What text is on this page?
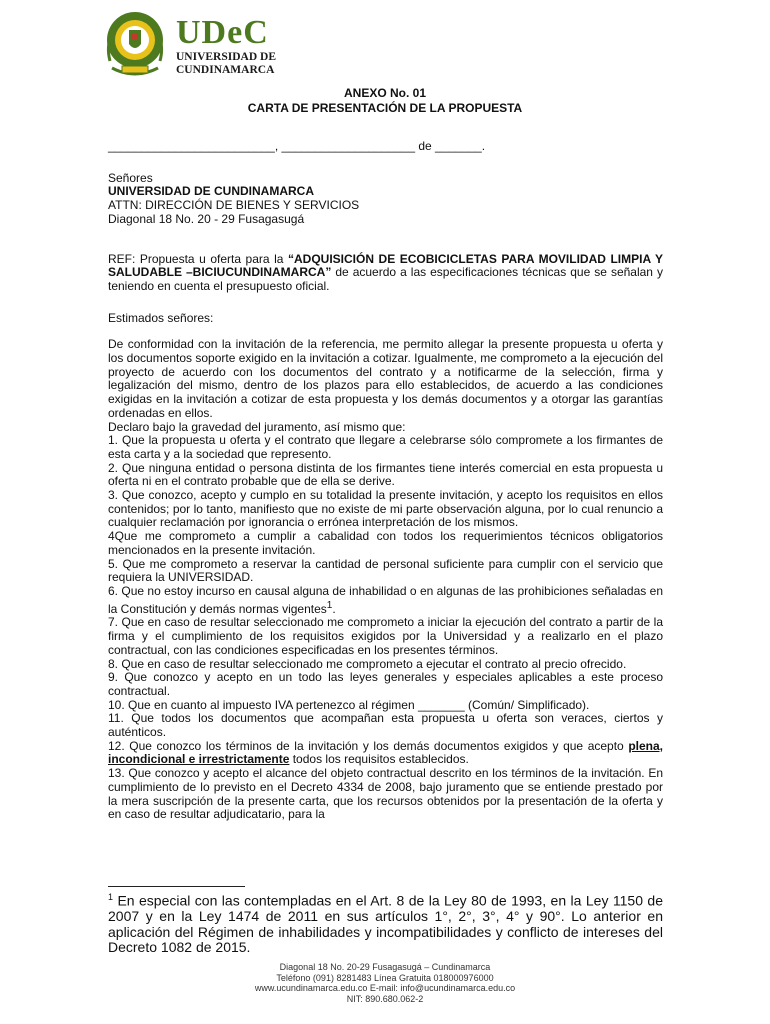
UDeC
UNIVERSIDAD DE
CUNDINAMARCA
ANEXO No. 01
CARTA DE PRESENTACIÓN DE LA PROPUESTA

_________________________, ____________________ de _______.

Señores

UNIVERSIDAD DE CUNDINAMARCA

ATTN: DIRECCIÓN DE BIENES Y SERVICIOS

Diagonal 18 No. 20 - 29 Fusagasugá

REF: Propuesta u oferta para la “ADQUISICIÓN DE ECOBICICLETAS PARA MOVILIDAD LIMPIA Y SALUDABLE –BICIUCUNDINAMARCA” de acuerdo a las especificaciones técnicas que se señalan y teniendo en cuenta el presupuesto oficial.

Estimados señores:

De conformidad con la invitación de la referencia, me permito allegar la presente propuesta u oferta y los documentos soporte exigido en la invitación a cotizar. Igualmente, me comprometo a la ejecución del proyecto de acuerdo con los documentos del contrato y a notificarme de la selección, firma y legalización del mismo, dentro de los plazos para ello establecidos, de acuerdo a las condiciones exigidas en la invitación a cotizar de esta propuesta y los demás documentos y a otorgar las garantías ordenadas en ellos.

Declaro bajo la gravedad del juramento, así mismo que:

1. Que la propuesta u oferta y el contrato que llegare a celebrarse sólo compromete a los firmantes de esta carta y a la sociedad que represento.

2. Que ninguna entidad o persona distinta de los firmantes tiene interés comercial en esta propuesta u oferta ni en el contrato probable que de ella se derive.

3. Que conozco, acepto y cumplo en su totalidad la presente invitación, y acepto los requisitos en ellos contenidos; por lo tanto, manifiesto que no existe de mi parte observación alguna, por lo cual renuncio a cualquier reclamación por ignorancia o errónea interpretación de los mismos.

4Que me comprometo a cumplir a cabalidad con todos los requerimientos técnicos obligatorios mencionados en la presente invitación.

5. Que me comprometo a reservar la cantidad de personal suficiente para cumplir con el servicio que requiera la UNIVERSIDAD.

6. Que no estoy incurso en causal alguna de inhabilidad o en algunas de las prohibiciones señaladas en la Constitución y demás normas vigentes$^1$.

7. Que en caso de resultar seleccionado me comprometo a iniciar la ejecución del contrato a partir de la firma y el cumplimiento de los requisitos exigidos por la Universidad y a realizarlo en el plazo contractual, con las condiciones especificadas en los presentes términos.

8. Que en caso de resultar seleccionado me comprometo a ejecutar el contrato al precio ofrecido.

9. Que conozco y acepto en un todo las leyes generales y especiales aplicables a este proceso contractual.

10. Que en cuanto al impuesto IVA pertenezco al régimen _______ (Común/ Simplificado).

11. Que todos los documentos que acompañan esta propuesta u oferta son veraces, ciertos y auténticos.

12. Que conozco los términos de la invitación y los demás documentos exigidos y que acepto plena, incondicional e irrestrictamente todos los requisitos establecidos.

13. Que conozco y acepto el alcance del objeto contractual descrito en los términos de la invitación. En cumplimiento de lo previsto en el Decreto 4334 de 2008, bajo juramento que se entiende prestado por la mera suscripción de la presente carta, que los recursos obtenidos por la presentación de la oferta y en caso de resultar adjudicatario, para la

$^1$ En especial con las contempladas en el Art. 8 de la Ley 80 de 1993, en la Ley 1150 de 2007 y en la Ley 1474 de 2011 en sus artículos 1°, 2°, 3°, 4° y 90°. Lo anterior en aplicación del Régimen de inhabilidades y incompatibilidades y conflicto de intereses del Decreto 1082 de 2015.
Diagonal 18 No. 20-29 Fusagasugá – Cundinamarca
Teléfono (091) 8281483 Línea Gratuita 018000976000
www.ucundinamarca.edu.co E-mail: info@ucundinamarca.edu.co
NIT: 890.680.062-2
